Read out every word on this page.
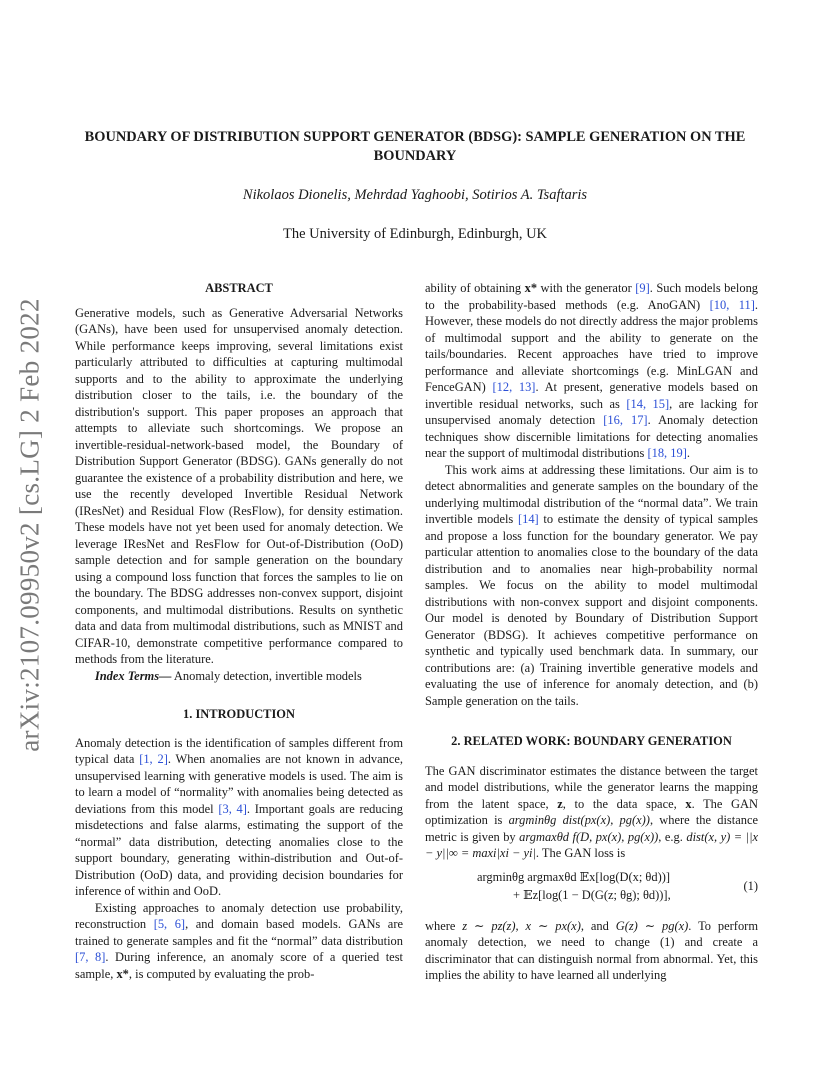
arXiv:2107.09950v2 [cs.LG] 2 Feb 2022
BOUNDARY OF DISTRIBUTION SUPPORT GENERATOR (BDSG): SAMPLE GENERATION ON THE BOUNDARY
Nikolaos Dionelis, Mehrdad Yaghoobi, Sotirios A. Tsaftaris
The University of Edinburgh, Edinburgh, UK
ABSTRACT

Generative models, such as Generative Adversarial Networks (GANs), have been used for unsupervised anomaly detection. While performance keeps improving, several limitations exist particularly attributed to difficulties at capturing multimodal supports and to the ability to approximate the underlying distribution closer to the tails, i.e. the boundary of the distribution's support. This paper proposes an approach that attempts to alleviate such shortcomings. We propose an invertible-residual-network-based model, the Boundary of Distribution Support Generator (BDSG). GANs generally do not guarantee the existence of a probability distribution and here, we use the recently developed Invertible Residual Network (IResNet) and Residual Flow (ResFlow), for density estimation. These models have not yet been used for anomaly detection. We leverage IResNet and ResFlow for Out-of-Distribution (OoD) sample detection and for sample generation on the boundary using a compound loss function that forces the samples to lie on the boundary. The BDSG addresses non-convex support, disjoint components, and multimodal distributions. Results on synthetic data and data from multimodal distributions, such as MNIST and CIFAR-10, demonstrate competitive performance compared to methods from the literature.

Index Terms— Anomaly detection, invertible models

1. INTRODUCTION

Anomaly detection is the identification of samples different from typical data [1, 2]. When anomalies are not known in advance, unsupervised learning with generative models is used. The aim is to learn a model of “normality” with anomalies being detected as deviations from this model [3, 4]. Important goals are reducing misdetections and false alarms, estimating the support of the “normal” data distribution, detecting anomalies close to the support boundary, generating within-distribution and Out-of-Distribution (OoD) data, and providing decision boundaries for inference of within and OoD.

Existing approaches to anomaly detection use probability, reconstruction [5, 6], and domain based models. GANs are trained to generate samples and fit the “normal” data distribution [7, 8]. During inference, an anomaly score of a queried test sample, x*, is computed by evaluating the prob-

ability of obtaining x* with the generator [9]. Such models belong to the probability-based methods (e.g. AnoGAN) [10, 11]. However, these models do not directly address the major problems of multimodal support and the ability to generate on the tails/boundaries. Recent approaches have tried to improve performance and alleviate shortcomings (e.g. MinLGAN and FenceGAN) [12, 13]. At present, generative models based on invertible residual networks, such as [14, 15], are lacking for unsupervised anomaly detection [16, 17]. Anomaly detection techniques show discernible limitations for detecting anomalies near the support of multimodal distributions [18, 19].

This work aims at addressing these limitations. Our aim is to detect abnormalities and generate samples on the boundary of the underlying multimodal distribution of the “normal data”. We train invertible models [14] to estimate the density of typical samples and propose a loss function for the boundary generator. We pay particular attention to anomalies close to the boundary of the data distribution and to anomalies near high-probability normal samples. We focus on the ability to model multimodal distributions with non-convex support and disjoint components. Our model is denoted by Boundary of Distribution Support Generator (BDSG). It achieves competitive performance on synthetic and typically used benchmark data. In summary, our contributions are: (a) Training invertible generative models and evaluating the use of inference for anomaly detection, and (b) Sample generation on the tails.

2. RELATED WORK: BOUNDARY GENERATION

The GAN discriminator estimates the distance between the target and model distributions, while the generator learns the mapping from the latent space, z, to the data space, x. The GAN optimization is argminθg dist(px(x), pg(x)), where the distance metric is given by argmaxθd f(D, px(x), pg(x)), e.g. dist(x, y) = ||x − y||∞ = maxi|xi − yi|. The GAN loss is

argminθg argmaxθd 𝔼x[log(D(x; θd))]
+ 𝔼z[log(1 − D(G(z; θg); θd))],
(1)

where z ∼ pz(z), x ∼ px(x), and G(z) ∼ pg(x). To perform anomaly detection, we need to change (1) and create a discriminator that can distinguish normal from abnormal. Yet, this implies the ability to have learned all underlying
